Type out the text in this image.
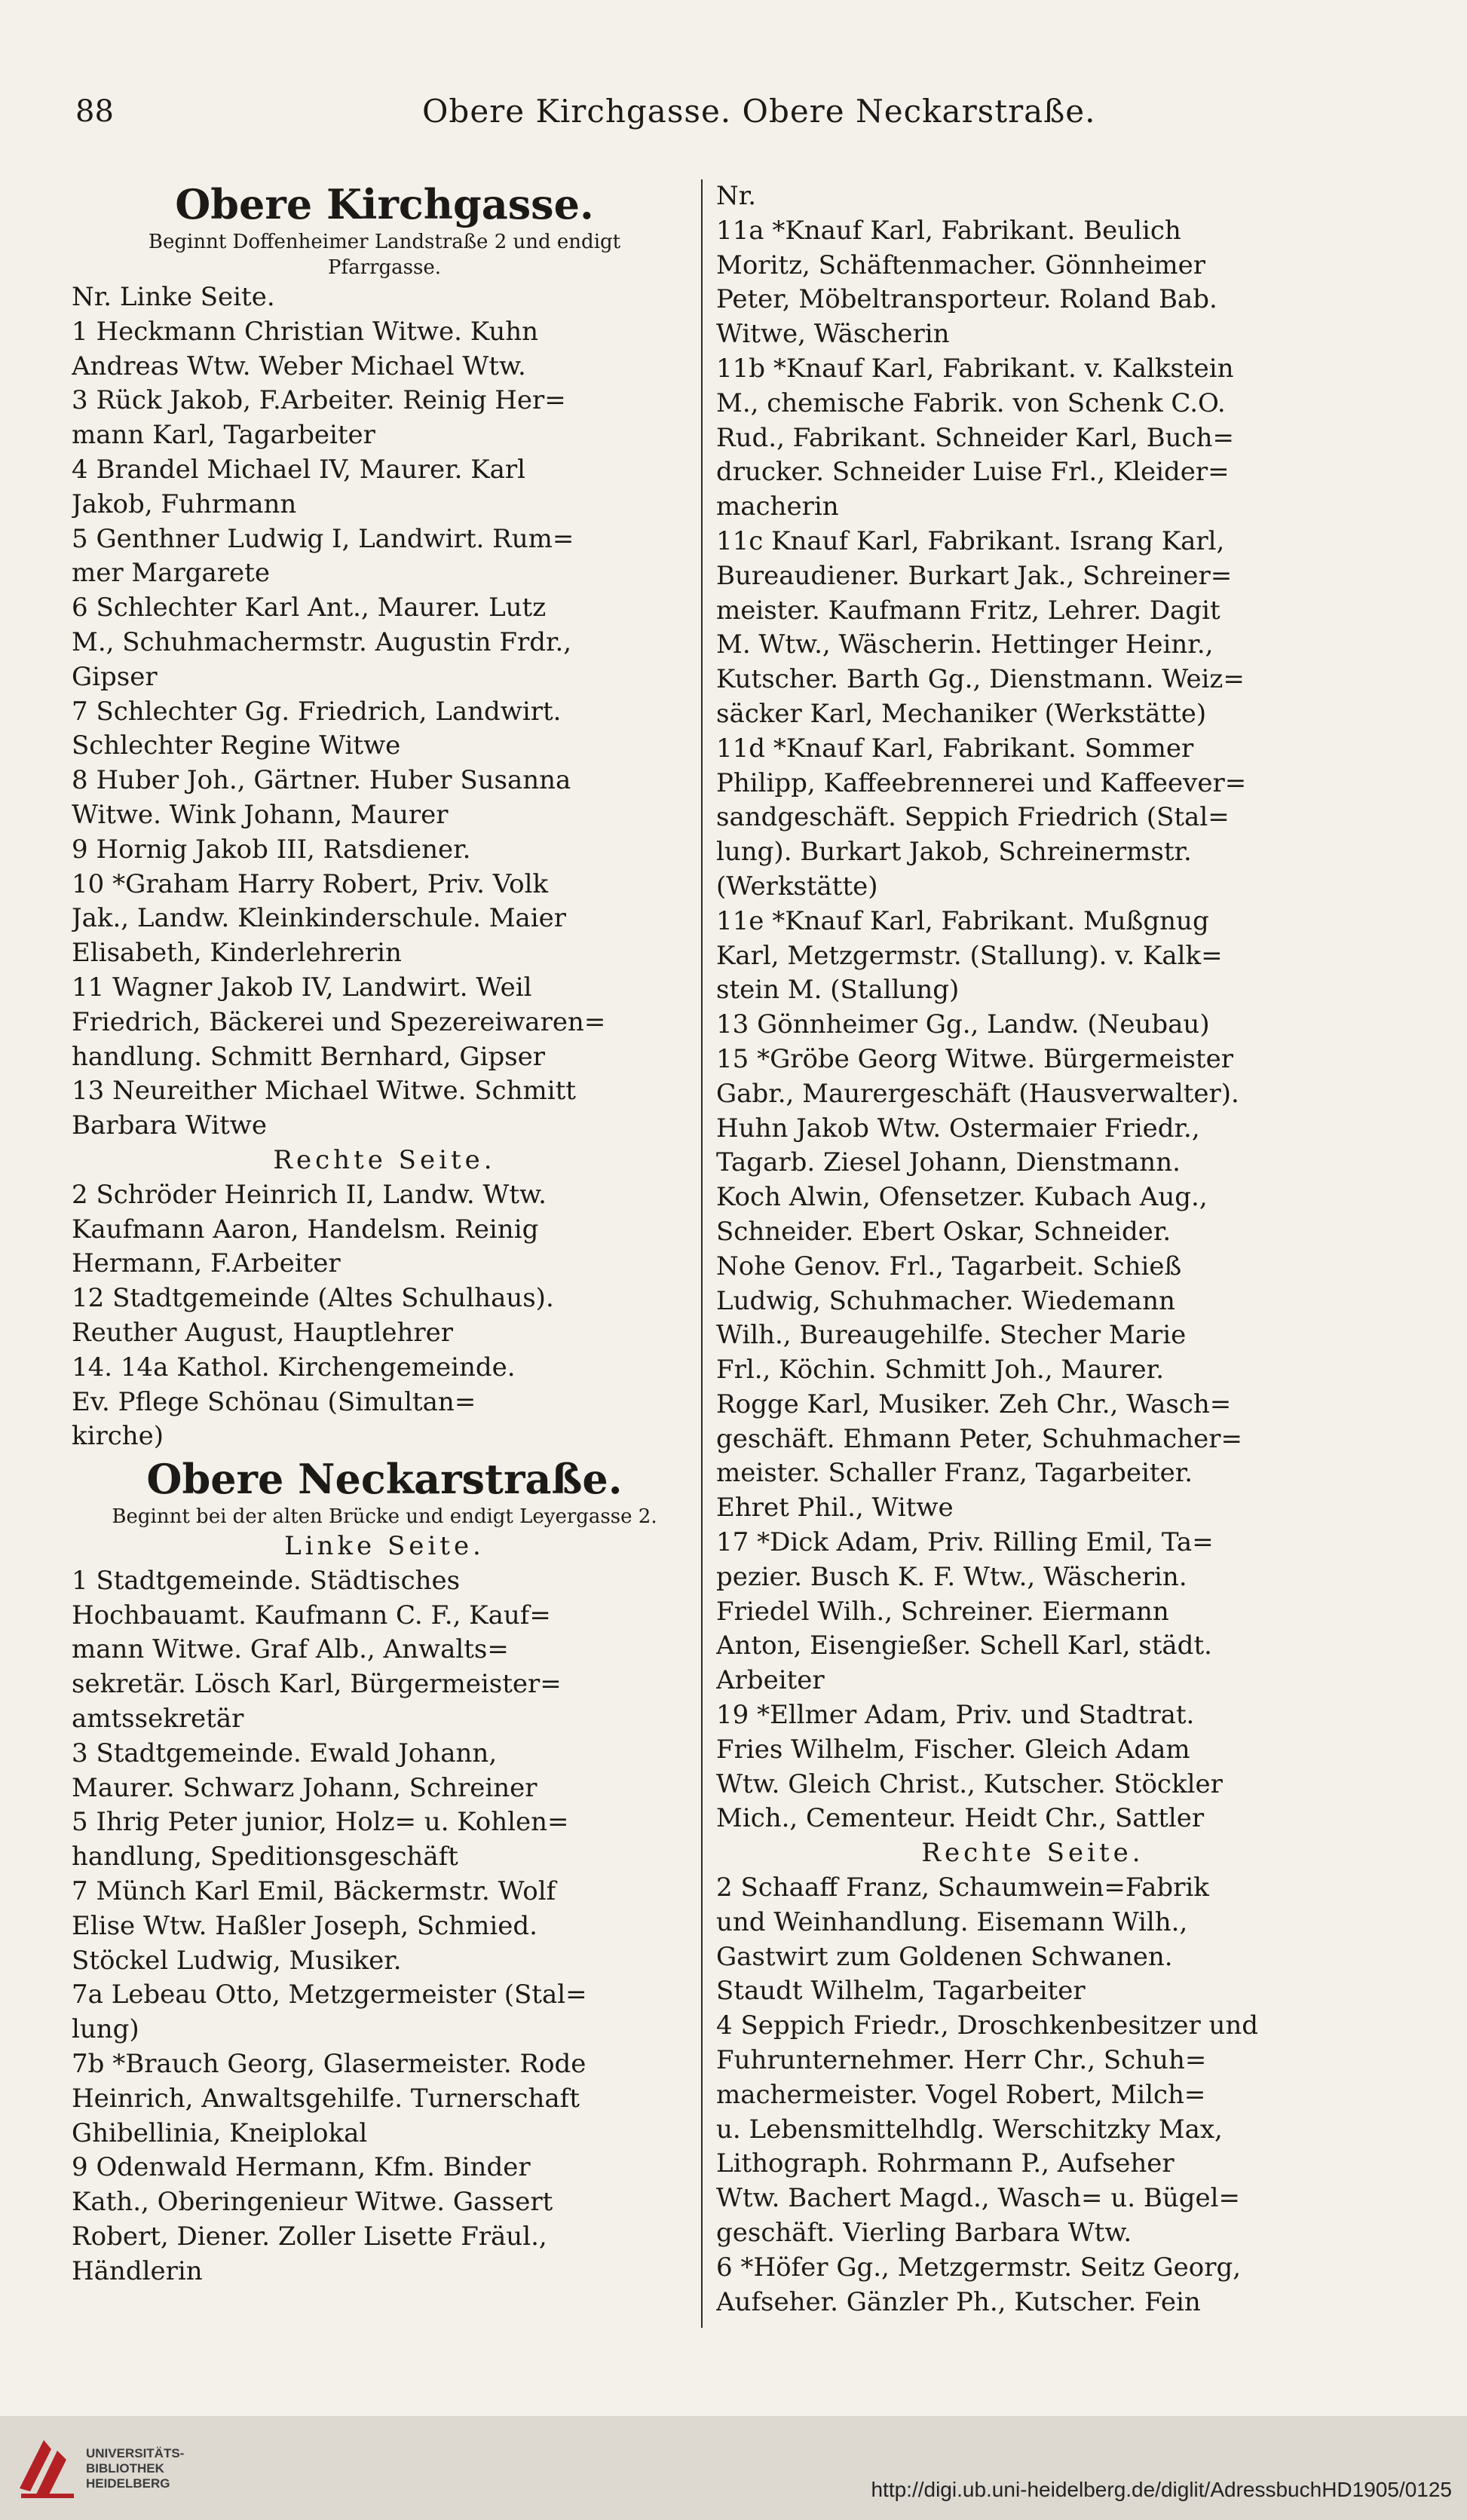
88	Obere Kirchgasse. Obere Neckarstraße.
Obere Kirchgasse.
Beginnt Doffenheimer Landstraße 2 und endigt
Pfarrgasse.
Nr. Linke Seite.
1 Heckmann Christian Witwe. Kuhn
Andreas Wtw. Weber Michael Wtw.
3 Rück Jakob, F.Arbeiter. Reinig Her=
mann Karl, Tagarbeiter
4 Brandel Michael IV, Maurer. Karl
Jakob, Fuhrmann
5 Genthner Ludwig I, Landwirt. Rum=
mer Margarete
6 Schlechter Karl Ant., Maurer. Lutz
M., Schuhmachermstr. Augustin Frdr.,
Gipser
7 Schlechter Gg. Friedrich, Landwirt.
Schlechter Regine Witwe
8 Huber Joh., Gärtner. Huber Susanna
Witwe. Wink Johann, Maurer
9 Hornig Jakob III, Ratsdiener.
10 *Graham Harry Robert, Priv. Volk
Jak., Landw. Kleinkinderschule. Maier
Elisabeth, Kinderlehrerin
11 Wagner Jakob IV, Landwirt. Weil
Friedrich, Bäckerei und Spezereiwaren=
handlung. Schmitt Bernhard, Gipser
13 Neureither Michael Witwe. Schmitt
Barbara Witwe
Rechte Seite.
2 Schröder Heinrich II, Landw. Wtw.
Kaufmann Aaron, Handelsm. Reinig
Hermann, F.Arbeiter
12 Stadtgemeinde (Altes Schulhaus).
Reuther August, Hauptlehrer
14. 14a Kathol. Kirchengemeinde.
Ev. Pflege Schönau (Simultan=
kirche)
Obere Neckarstraße.
Beginnt bei der alten Brücke und endigt Leyergasse 2.
Linke Seite.
1 Stadtgemeinde. Städtisches
Hochbauamt. Kaufmann C. F., Kauf=
mann Witwe. Graf Alb., Anwalts=
sekretär. Lösch Karl, Bürgermeister=
amtssekretär
3 Stadtgemeinde. Ewald Johann,
Maurer. Schwarz Johann, Schreiner
5 Ihrig Peter junior, Holz= u. Kohlen=
handlung, Speditionsgeschäft
7 Münch Karl Emil, Bäckermstr. Wolf
Elise Wtw. Haßler Joseph, Schmied.
Stöckel Ludwig, Musiker.
7a Lebeau Otto, Metzgermeister (Stal=
lung)
7b *Brauch Georg, Glasermeister. Rode
Heinrich, Anwaltsgehilfe. Turnerschaft
Ghibellinia, Kneiplokal
9 Odenwald Hermann, Kfm. Binder
Kath., Oberingenieur Witwe. Gassert
Robert, Diener. Zoller Lisette Fräul.,
Händlerin
Nr.
11a *Knauf Karl, Fabrikant. Beulich
Moritz, Schäftenmacher. Gönnheimer
Peter, Möbeltransporteur. Roland Bab.
Witwe, Wäscherin
11b *Knauf Karl, Fabrikant. v. Kalkstein
M., chemische Fabrik. von Schenk C.O.
Rud., Fabrikant. Schneider Karl, Buch=
drucker. Schneider Luise Frl., Kleider=
macherin
11c Knauf Karl, Fabrikant. Israng Karl,
Bureaudiener. Burkart Jak., Schreiner=
meister. Kaufmann Fritz, Lehrer. Dagit
M. Wtw., Wäscherin. Hettinger Heinr.,
Kutscher. Barth Gg., Dienstmann. Weiz=
säcker Karl, Mechaniker (Werkstätte)
11d *Knauf Karl, Fabrikant. Sommer
Philipp, Kaffeebrennerei und Kaffeever=
sandgeschäft. Seppich Friedrich (Stal=
lung). Burkart Jakob, Schreinermstr.
(Werkstätte)
11e *Knauf Karl, Fabrikant. Mußgnug
Karl, Metzgermstr. (Stallung). v. Kalk=
stein M. (Stallung)
13 Gönnheimer Gg., Landw. (Neubau)
15 *Gröbe Georg Witwe. Bürgermeister
Gabr., Maurergeschäft (Hausverwalter).
Huhn Jakob Wtw. Ostermaier Friedr.,
Tagarb. Ziesel Johann, Dienstmann.
Koch Alwin, Ofensetzer. Kubach Aug.,
Schneider. Ebert Oskar, Schneider.
Nohe Genov. Frl., Tagarbeit. Schieß
Ludwig, Schuhmacher. Wiedemann
Wilh., Bureaugehilfe. Stecher Marie
Frl., Köchin. Schmitt Joh., Maurer.
Rogge Karl, Musiker. Zeh Chr., Wasch=
geschäft. Ehmann Peter, Schuhmacher=
meister. Schaller Franz, Tagarbeiter.
Ehret Phil., Witwe
17 *Dick Adam, Priv. Rilling Emil, Ta=
pezier. Busch K. F. Wtw., Wäscherin.
Friedel Wilh., Schreiner. Eiermann
Anton, Eisengießer. Schell Karl, städt.
Arbeiter
19 *Ellmer Adam, Priv. und Stadtrat.
Fries Wilhelm, Fischer. Gleich Adam
Wtw. Gleich Christ., Kutscher. Stöckler
Mich., Cementeur. Heidt Chr., Sattler
Rechte Seite.
2 Schaaff Franz, Schaumwein=Fabrik
und Weinhandlung. Eisemann Wilh.,
Gastwirt zum Goldenen Schwanen.
Staudt Wilhelm, Tagarbeiter
4 Seppich Friedr., Droschkenbesitzer und
Fuhrunternehmer. Herr Chr., Schuh=
machermeister. Vogel Robert, Milch=
u. Lebensmittelhdlg. Werschitzky Max,
Lithograph. Rohrmann P., Aufseher
Wtw. Bachert Magd., Wasch= u. Bügel=
geschäft. Vierling Barbara Wtw.
6 *Höfer Gg., Metzgermstr. Seitz Georg,
Aufseher. Gänzler Ph., Kutscher. Fein
UNIVERSITÄTS-
BIBLIOTHEK
HEIDELBERG	http://digi.ub.uni-heidelberg.de/diglit/AdressbuchHD1905/0125
